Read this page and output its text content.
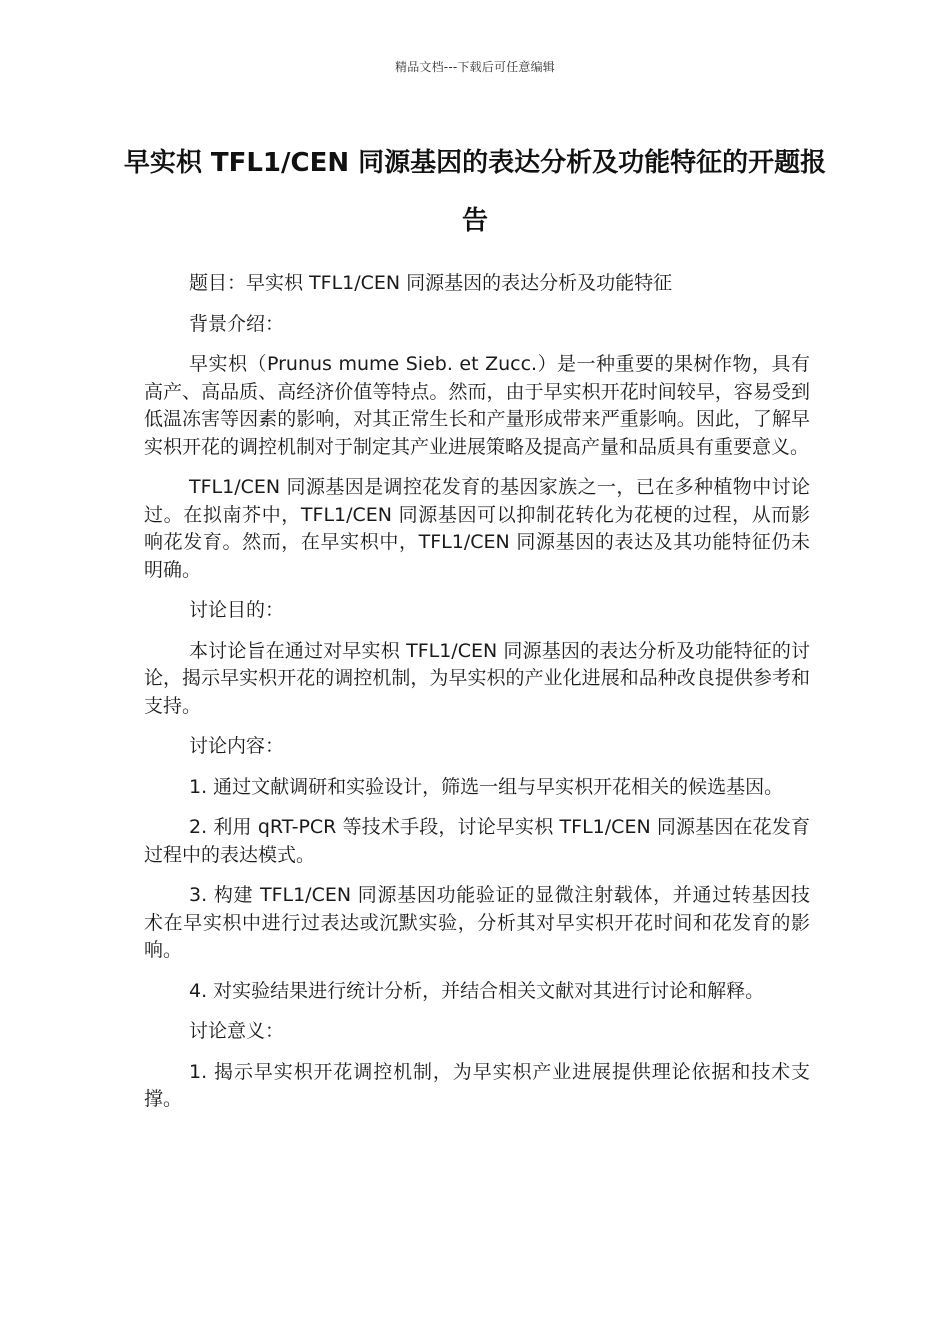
精品文档---下载后可任意编辑
早实枳 TFL1/CEN 同源基因的表达分析及功能特征的开题报告

题目：早实枳 TFL1/CEN 同源基因的表达分析及功能特征

背景介绍：

早实枳（Prunus mume Sieb. et Zucc.）是一种重要的果树作物，具有高产、高品质、高经济价值等特点。然而，由于早实枳开花时间较早，容易受到低温冻害等因素的影响，对其正常生长和产量形成带来严重影响。因此，了解早实枳开花的调控机制对于制定其产业进展策略及提高产量和品质具有重要意义。

TFL1/CEN 同源基因是调控花发育的基因家族之一，已在多种植物中讨论过。在拟南芥中，TFL1/CEN 同源基因可以抑制花转化为花梗的过程，从而影响花发育。然而，在早实枳中，TFL1/CEN 同源基因的表达及其功能特征仍未明确。

讨论目的：

本讨论旨在通过对早实枳 TFL1/CEN 同源基因的表达分析及功能特征的讨论，揭示早实枳开花的调控机制，为早实枳的产业化进展和品种改良提供参考和支持。

讨论内容：

1. 通过文献调研和实验设计，筛选一组与早实枳开花相关的候选基因。

2. 利用 qRT-PCR 等技术手段，讨论早实枳 TFL1/CEN 同源基因在花发育过程中的表达模式。

3. 构建 TFL1/CEN 同源基因功能验证的显微注射载体，并通过转基因技术在早实枳中进行过表达或沉默实验，分析其对早实枳开花时间和花发育的影响。

4. 对实验结果进行统计分析，并结合相关文献对其进行讨论和解释。

讨论意义：

1. 揭示早实枳开花调控机制，为早实枳产业进展提供理论依据和技术支撑。
